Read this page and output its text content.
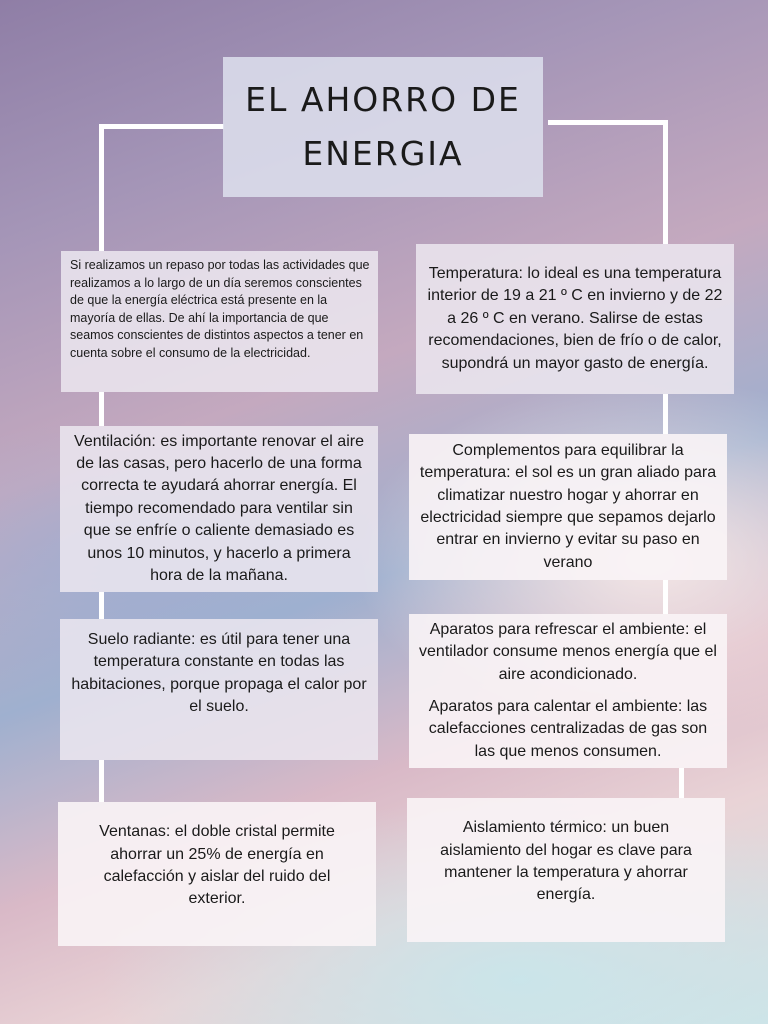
EL AHORRO DE
ENERGIA
Si realizamos un repaso por todas las actividades que realizamos a lo largo de un día seremos conscientes de que la energía eléctrica está presente en la mayoría de ellas. De ahí la importancia de que seamos conscientes de distintos aspectos a tener en cuenta sobre el consumo de la electricidad.
Ventilación: es importante renovar el aire de las casas, pero hacerlo de una forma correcta te ayudará ahorrar energía. El tiempo recomendado para ventilar sin que se enfríe o caliente demasiado es unos 10 minutos, y hacerlo a primera hora de la mañana.
Suelo radiante: es útil para tener una temperatura constante en todas las habitaciones, porque propaga el calor por el suelo.
Ventanas: el doble cristal permite ahorrar un 25% de energía en calefacción y aislar del ruido del exterior.
Temperatura: lo ideal es una temperatura interior de 19 a 21 º C en invierno y de 22 a 26 º C en verano. Salirse de estas recomendaciones, bien de frío o de calor, supondrá un mayor gasto de energía.
Complementos para equilibrar la temperatura: el sol es un gran aliado para climatizar nuestro hogar y ahorrar en electricidad siempre que sepamos dejarlo entrar en invierno y evitar su paso en verano

Aparatos para refrescar el ambiente: el ventilador consume menos energía que el aire acondicionado.

Aparatos para calentar el ambiente: las calefacciones centralizadas de gas son las que menos consumen.

Aislamiento térmico: un buen aislamiento del hogar es clave para mantener la temperatura y ahorrar energía.
